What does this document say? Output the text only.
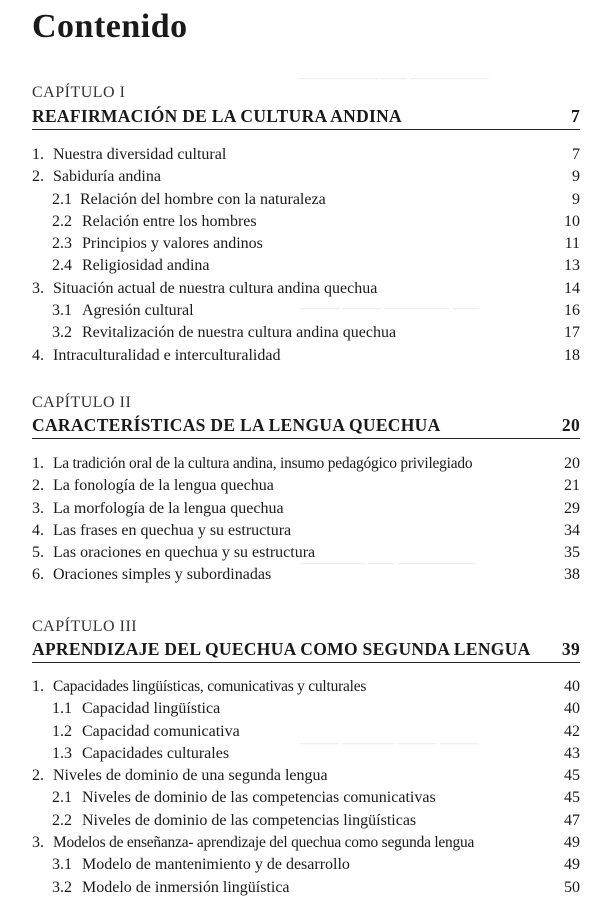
—————— —— ——————
——— ——— ————— ——
————— —— ——————
——— ———— ——— ———
Contenido
CAPÍTULO I
REAFIRMACIÓN DE LA CULTURA ANDINA	7
1. Nuestra diversidad cultural	7
2. Sabiduría andina	9
2.1 Relación del hombre con la naturaleza	9
2.2 Relación entre los hombres	10
2.3 Principios y valores andinos	11
2.4 Religiosidad andina	13
3. Situación actual de nuestra cultura andina quechua	14
3.1 Agresión cultural	16
3.2 Revitalización de nuestra cultura andina quechua	17
4. Intraculturalidad e interculturalidad	18
CAPÍTULO II
CARACTERÍSTICAS DE LA LENGUA QUECHUA	20
1. La tradición oral de la cultura andina, insumo pedagógico privilegiado	20
2. La fonología de la lengua quechua	21
3. La morfología de la lengua quechua	29
4. Las frases en quechua y su estructura	34
5. Las oraciones en quechua y su estructura	35
6. Oraciones simples y subordinadas	38
CAPÍTULO III
APRENDIZAJE DEL QUECHUA COMO SEGUNDA LENGUA 39
1. Capacidades lingüísticas, comunicativas y culturales	40
1.1 Capacidad lingüística	40
1.2 Capacidad comunicativa	42
1.3 Capacidades culturales	43
2. Niveles de dominio de una segunda lengua	45
2.1 Niveles de dominio de las competencias comunicativas	45
2.2 Niveles de dominio de las competencias lingüísticas	47
3. Modelos de enseñanza- aprendizaje del quechua como segunda lengua	49
3.1 Modelo de mantenimiento y de desarrollo	49
3.2 Modelo de inmersión lingüística	50
